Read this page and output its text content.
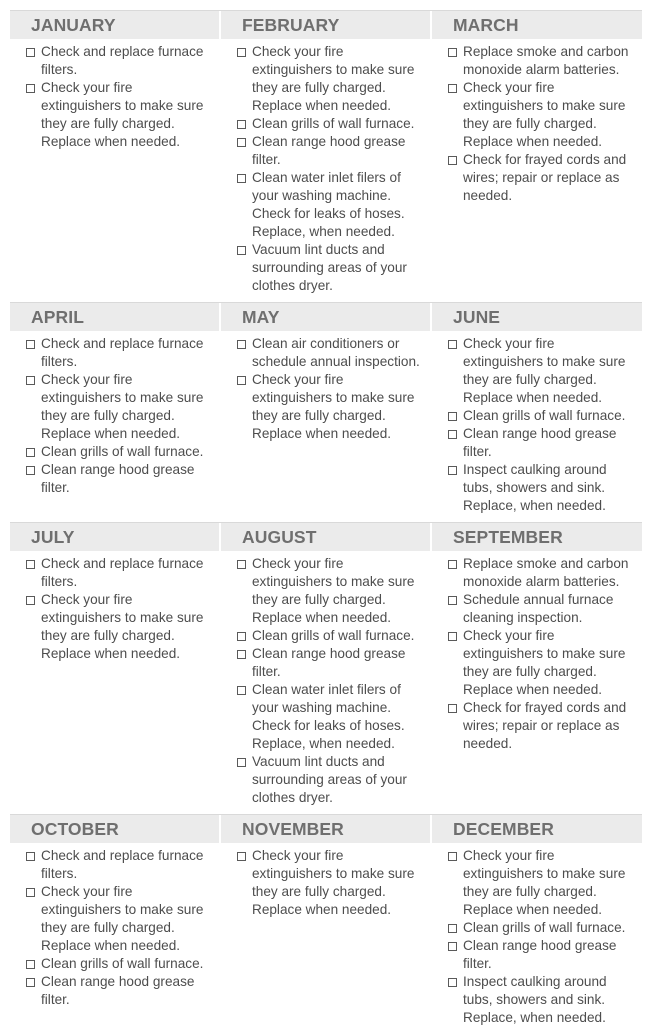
JANUARY
Check and replace furnace filters.
Check your fire extinguishers to make sure they are fully charged. Replace when needed.
FEBRUARY
Check your fire extinguishers to make sure they are fully charged. Replace when needed.
Clean grills of wall furnace.
Clean range hood grease filter.
Clean water inlet filers of your washing machine. Check for leaks of hoses. Replace, when needed.
Vacuum lint ducts and surrounding areas of your clothes dryer.
MARCH
Replace smoke and carbon monoxide alarm batteries.
Check your fire extinguishers to make sure they are fully charged. Replace when needed.
Check for frayed cords and wires; repair or replace as needed.
APRIL
Check and replace furnace filters.
Check your fire extinguishers to make sure they are fully charged. Replace when needed.
Clean grills of wall furnace.
Clean range hood grease filter.
MAY
Clean air conditioners or schedule annual inspection.
Check your fire extinguishers to make sure they are fully charged. Replace when needed.
JUNE
Check your fire extinguishers to make sure they are fully charged. Replace when needed.
Clean grills of wall furnace.
Clean range hood grease filter.
Inspect caulking around tubs, showers and sink. Replace, when needed.
JULY
Check and replace furnace filters.
Check your fire extinguishers to make sure they are fully charged. Replace when needed.
AUGUST
Check your fire extinguishers to make sure they are fully charged. Replace when needed.
Clean grills of wall furnace.
Clean range hood grease filter.
Clean water inlet filers of your washing machine. Check for leaks of hoses. Replace, when needed.
Vacuum lint ducts and surrounding areas of your clothes dryer.
SEPTEMBER
Replace smoke and carbon monoxide alarm batteries.
Schedule annual furnace cleaning inspection.
Check your fire extinguishers to make sure they are fully charged. Replace when needed.
Check for frayed cords and wires; repair or replace as needed.
OCTOBER
Check and replace furnace filters.
Check your fire extinguishers to make sure they are fully charged. Replace when needed.
Clean grills of wall furnace.
Clean range hood grease filter.
NOVEMBER
Check your fire extinguishers to make sure they are fully charged. Replace when needed.
DECEMBER
Check your fire extinguishers to make sure they are fully charged. Replace when needed.
Clean grills of wall furnace.
Clean range hood grease filter.
Inspect caulking around tubs, showers and sink. Replace, when needed.
